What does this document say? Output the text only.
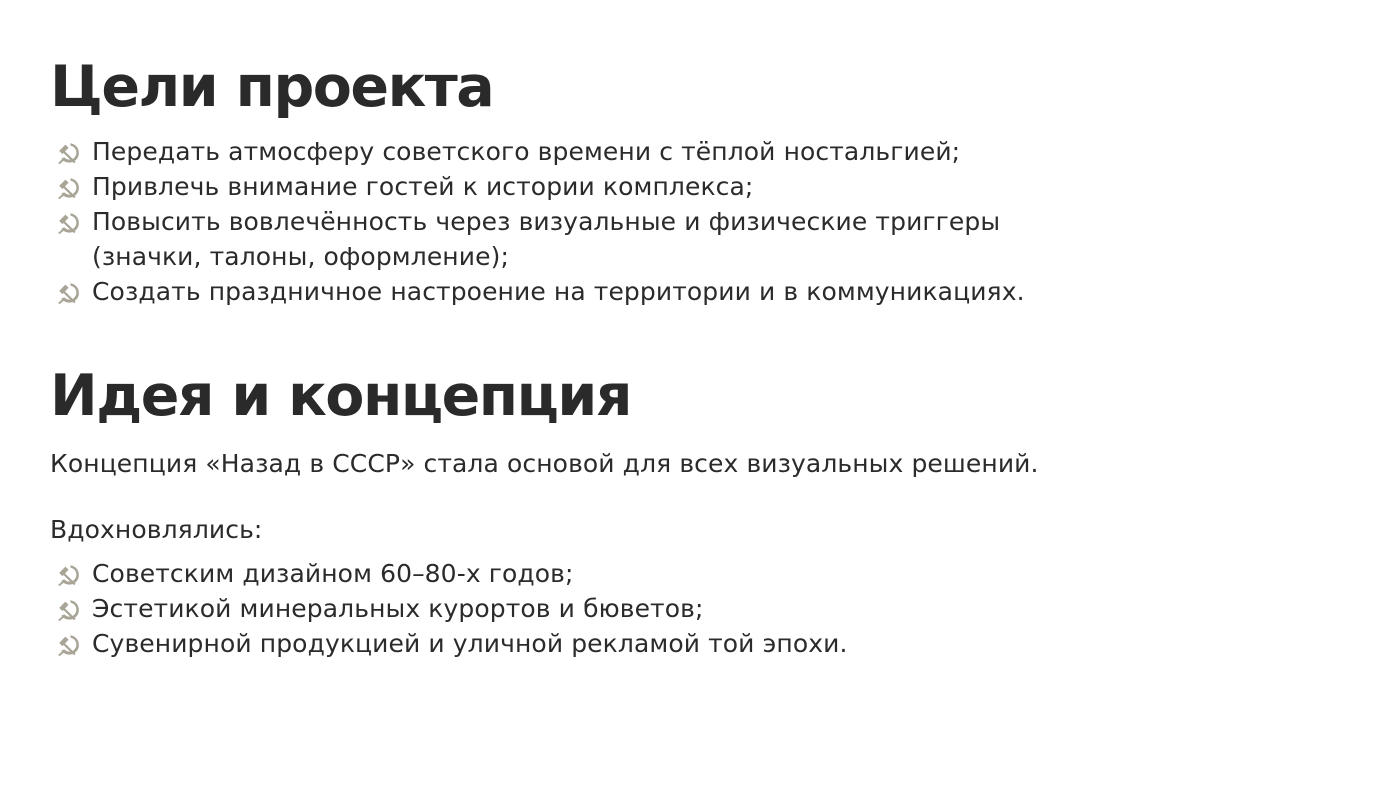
Цели проекта
Передать атмосферу советского времени с тёплой ностальгией;
Привлечь внимание гостей к истории комплекса;
Повысить вовлечённость через визуальные и физические триггеры (значки, талоны, оформление);
Создать праздничное настроение на территории и в коммуникациях.
Идея и концепция

Концепция «Назад в СССР» стала основой для всех визуальных решений.

Вдохновлялись:

Советским дизайном 60–80-х годов;
Эстетикой минеральных курортов и бюветов;
Сувенирной продукцией и уличной рекламой той эпохи.
